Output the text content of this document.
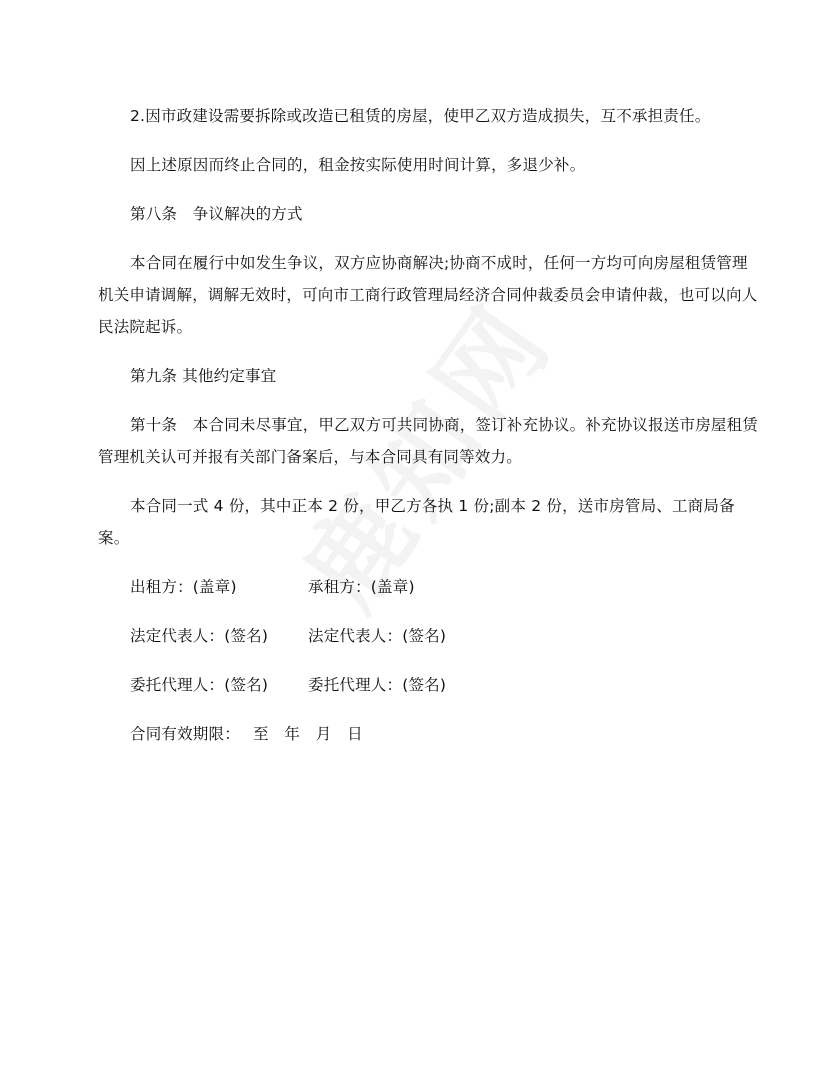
2.因市政建设需要拆除或改造已租赁的房屋，使甲乙双方造成损失，互不承担责任。

因上述原因而终止合同的，租金按实际使用时间计算，多退少补。

第八条　争议解决的方式

本合同在履行中如发生争议，双方应协商解决;协商不成时，任何一方均可向房屋租赁管理机关申请调解，调解无效时，可向市工商行政管理局经济合同仲裁委员会申请仲裁，也可以向人民法院起诉。

第九条 其他约定事宜

第十条　本合同未尽事宜，甲乙双方可共同协商，签订补充协议。补充协议报送市房屋租赁管理机关认可并报有关部门备案后，与本合同具有同等效力。

本合同一式 4 份，其中正本 2 份，甲乙方各执 1 份;副本 2 份，送市房管局、工商局备案。

出租方：(盖章)	承租方：(盖章)
法定代表人：(签名)	法定代表人：(签名)
委托代理人：(签名)	委托代理人：(签名)
合同有效期限：　 至　年　月　日
